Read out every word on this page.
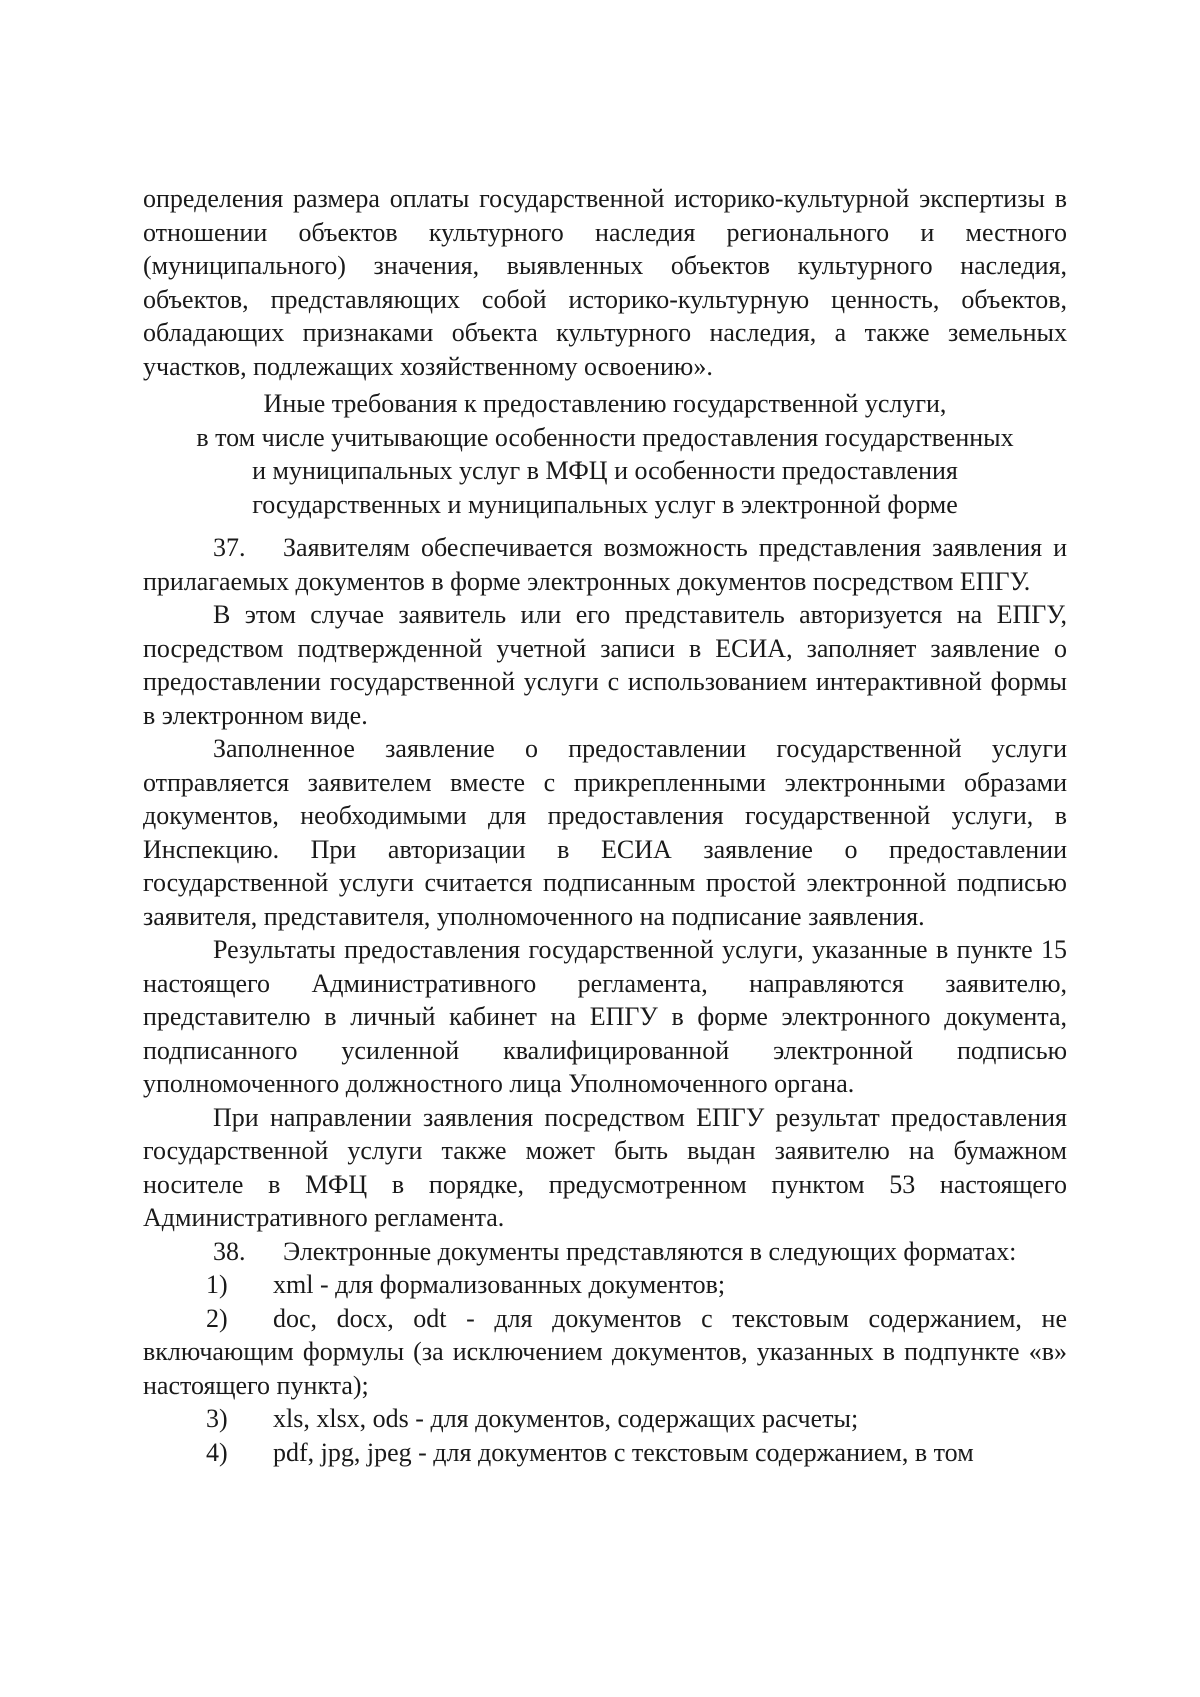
определения размера оплаты государственной историко-культурной экспертизы в отношении объектов культурного наследия регионального и местного (муниципального) значения, выявленных объектов культурного наследия, объектов, представляющих собой историко-культурную ценность, объектов, обладающих признаками объекта культурного наследия, а также земельных участков, подлежащих хозяйственному освоению».

Иные требования к предоставлению государственной услуги,
в том числе учитывающие особенности предоставления государственных
и муниципальных услуг в МФЦ и особенности предоставления
государственных и муниципальных услуг в электронной форме

37. Заявителям обеспечивается возможность представления заявления и прилагаемых документов в форме электронных документов посредством ЕПГУ.

В этом случае заявитель или его представитель авторизуется на ЕПГУ, посредством подтвержденной учетной записи в ЕСИА, заполняет заявление о предоставлении государственной услуги с использованием интерактивной формы в электронном виде.

Заполненное заявление о предоставлении государственной услуги отправляется заявителем вместе с прикрепленными электронными образами документов, необходимыми для предоставления государственной услуги, в Инспекцию. При авторизации в ЕСИА заявление о предоставлении государственной услуги считается подписанным простой электронной подписью заявителя, представителя, уполномоченного на подписание заявления.

Результаты предоставления государственной услуги, указанные в пункте 15 настоящего Административного регламента, направляются заявителю, представителю в личный кабинет на ЕПГУ в форме электронного документа, подписанного усиленной квалифицированной электронной подписью уполномоченного должностного лица Уполномоченного органа.

При направлении заявления посредством ЕПГУ результат предоставления государственной услуги также может быть выдан заявителю на бумажном носителе в МФЦ в порядке, предусмотренном пунктом 53 настоящего Административного регламента.

38. Электронные документы представляются в следующих форматах:

1) xml - для формализованных документов;

2) doc, docx, odt - для документов с текстовым содержанием, не включающим формулы (за исключением документов, указанных в подпункте «в» настоящего пункта);

3) xls, xlsx, ods - для документов, содержащих расчеты;

4) pdf, jpg, jpeg - для документов с текстовым содержанием, в том
